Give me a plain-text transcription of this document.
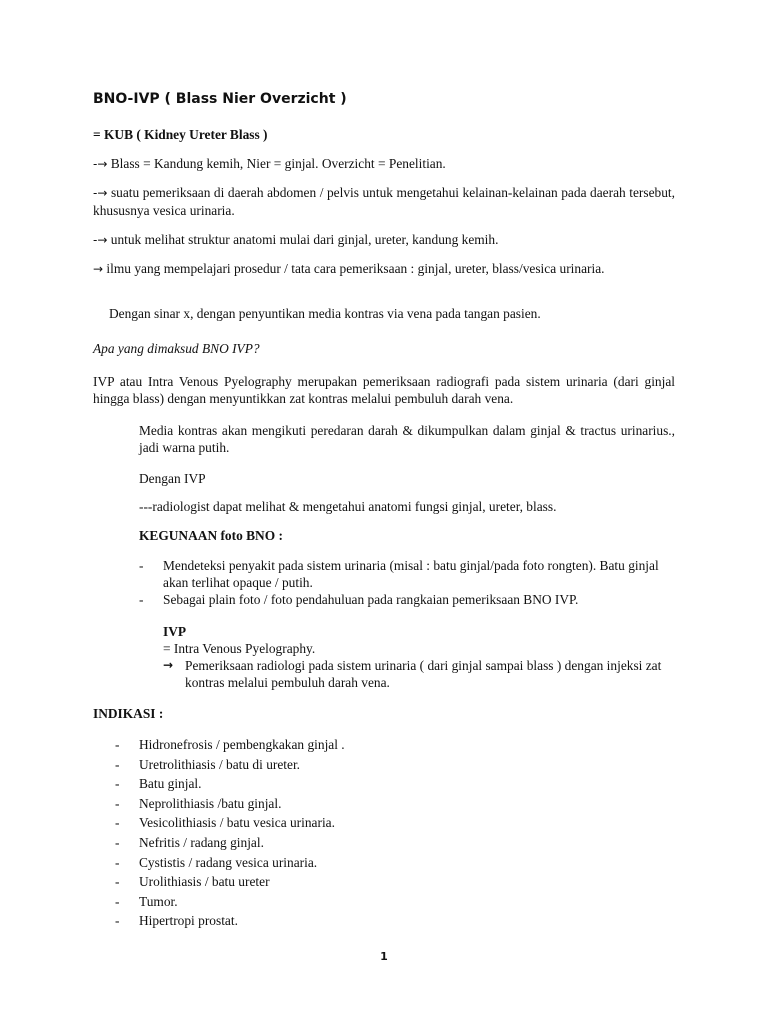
BNO-IVP ( Blass Nier Overzicht )
= KUB ( Kidney Ureter Blass )
-→ Blass = Kandung kemih, Nier = ginjal. Overzicht = Penelitian.
-→ suatu pemeriksaan di daerah abdomen / pelvis untuk mengetahui kelainan-kelainan pada daerah tersebut, khususnya vesica urinaria.
-→ untuk melihat struktur anatomi mulai dari ginjal, ureter, kandung kemih.
→ ilmu yang mempelajari prosedur / tata cara pemeriksaan : ginjal, ureter, blass/vesica urinaria.
Dengan sinar x, dengan penyuntikan media kontras via vena pada tangan pasien.
Apa yang dimaksud BNO IVP?
IVP atau Intra Venous Pyelography merupakan pemeriksaan radiografi pada sistem urinaria (dari ginjal hingga blass) dengan menyuntikkan zat kontras melalui pembuluh darah vena.
Media kontras akan mengikuti peredaran darah & dikumpulkan dalam ginjal & tractus urinarius., jadi warna putih.
Dengan IVP
---radiologist dapat melihat & mengetahui anatomi fungsi ginjal, ureter, blass.
KEGUNAAN foto BNO :
-	Mendeteksi penyakit pada sistem urinaria (misal : batu ginjal/pada foto rongten). Batu ginjal akan terlihat opaque / putih.
-	Sebagai plain foto / foto pendahuluan pada rangkaian pemeriksaan BNO IVP.
IVP
= Intra Venous Pyelography.
→ Pemeriksaan radiologi pada sistem urinaria ( dari ginjal sampai blass ) dengan injeksi zat kontras melalui pembuluh darah vena.
INDIKASI :
-	Hidronefrosis / pembengkakan ginjal .
-	Uretrolithiasis / batu di ureter.
-	Batu ginjal.
-	Neprolithiasis /batu ginjal.
-	Vesicolithiasis / batu vesica urinaria.
-	Nefritis / radang ginjal.
-	Cystistis / radang vesica urinaria.
-	Urolithiasis / batu ureter
-	Tumor.
-	Hipertropi prostat.
1
